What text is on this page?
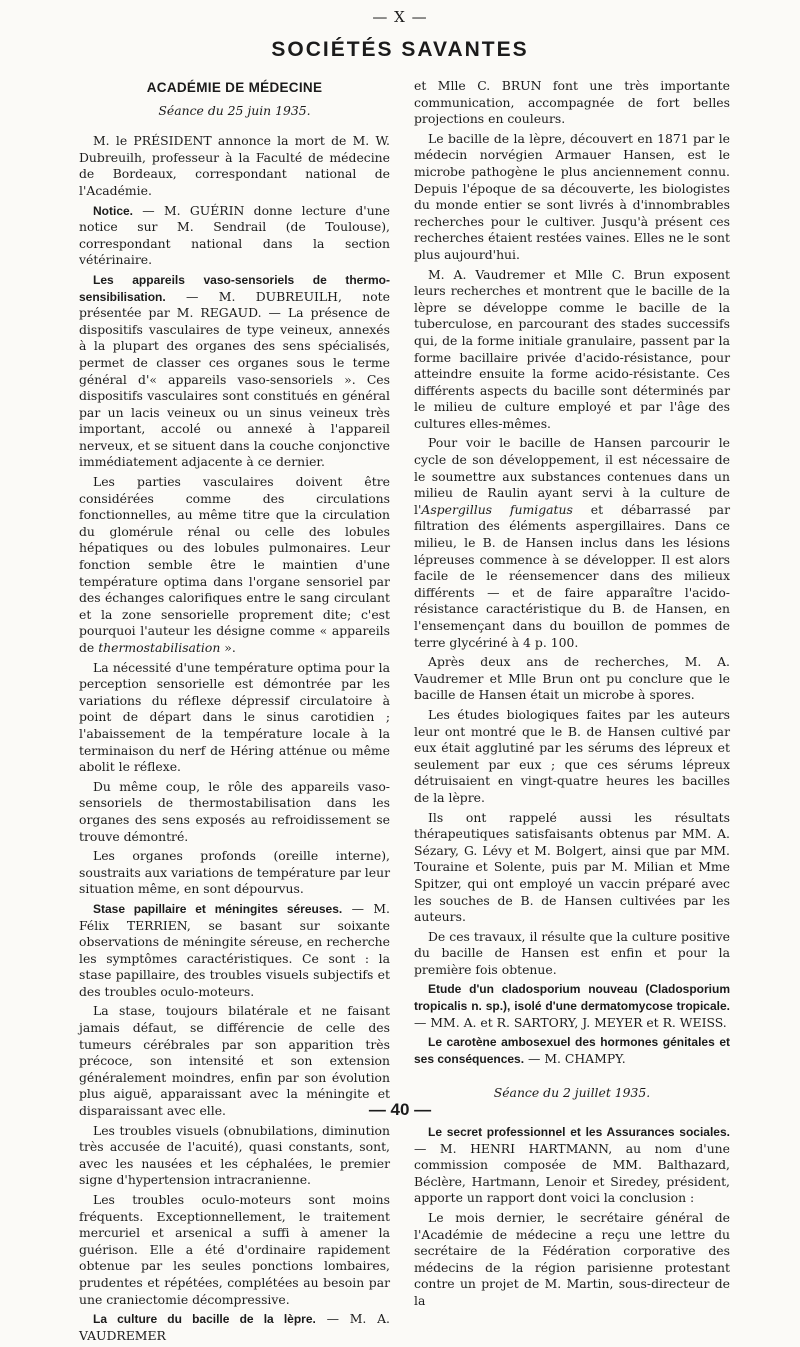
— X —
SOCIÉTÉS SAVANTES
ACADÉMIE DE MÉDECINE
Séance du 25 juin 1935.

M. le PRÉSIDENT annonce la mort de M. W. Dubreuilh, professeur à la Faculté de médecine de Bordeaux, correspondant national de l'Académie.

Notice. — M. GUÉRIN donne lecture d'une notice sur M. Sendrail (de Toulouse), correspondant national dans la section vétérinaire.

Les appareils vaso-sensoriels de thermo-sensibilisation. — M. DUBREUILH, note présentée par M. REGAUD. — La présence de dispositifs vasculaires de type veineux, annexés à la plupart des organes des sens spécialisés, permet de classer ces organes sous le terme général d'« appareils vaso-sensoriels ». Ces dispositifs vasculaires sont constitués en général par un lacis veineux ou un sinus veineux très important, accolé ou annexé à l'appareil nerveux, et se situent dans la couche conjonctive immédiatement adjacente à ce dernier.

Les parties vasculaires doivent être considérées comme des circulations fonctionnelles, au même titre que la circulation du glomérule rénal ou celle des lobules hépatiques ou des lobules pulmonaires. Leur fonction semble être le maintien d'une température optima dans l'organe sensoriel par des échanges calorifiques entre le sang circulant et la zone sensorielle proprement dite; c'est pourquoi l'auteur les désigne comme « appareils de thermostabilisation ».

La nécessité d'une température optima pour la perception sensorielle est démontrée par les variations du réflexe dépressif circulatoire à point de départ dans le sinus carotidien ; l'abaissement de la température locale à la terminaison du nerf de Héring atténue ou même abolit le réflexe.

Du même coup, le rôle des appareils vaso-sensoriels de thermostabilisation dans les organes des sens exposés au refroidissement se trouve démontré.

Les organes profonds (oreille interne), soustraits aux variations de température par leur situation même, en sont dépourvus.

Stase papillaire et méningites séreuses. — M. Félix TERRIEN, se basant sur soixante observations de méningite séreuse, en recherche les symptômes caractéristiques. Ce sont : la stase papillaire, des troubles visuels subjectifs et des troubles oculo-moteurs.

La stase, toujours bilatérale et ne faisant jamais défaut, se différencie de celle des tumeurs cérébrales par son apparition très précoce, son intensité et son extension généralement moindres, enfin par son évolution plus aiguë, apparaissant avec la méningite et disparaissant avec elle.

Les troubles visuels (obnubilations, diminution très accusée de l'acuité), quasi constants, sont, avec les nausées et les céphalées, le premier signe d'hypertension intracranienne.

Les troubles oculo-moteurs sont moins fréquents. Exceptionnellement, le traitement mercuriel et arsenical a suffi à amener la guérison. Elle a été d'ordinaire rapidement obtenue par les seules ponctions lombaires, prudentes et répétées, complétées au besoin par une craniectomie décompressive.

La culture du bacille de la lèpre. — M. A. VAUDREMER

et Mlle C. BRUN font une très importante communication, accompagnée de fort belles projections en couleurs.

Le bacille de la lèpre, découvert en 1871 par le médecin norvégien Armauer Hansen, est le microbe pathogène le plus anciennement connu. Depuis l'époque de sa découverte, les biologistes du monde entier se sont livrés à d'innombrables recherches pour le cultiver. Jusqu'à présent ces recherches étaient restées vaines. Elles ne le sont plus aujourd'hui.

M. A. Vaudremer et Mlle C. Brun exposent leurs recherches et montrent que le bacille de la lèpre se développe comme le bacille de la tuberculose, en parcourant des stades successifs qui, de la forme initiale granulaire, passent par la forme bacillaire privée d'acido-résistance, pour atteindre ensuite la forme acido-résistante. Ces différents aspects du bacille sont déterminés par le milieu de culture employé et par l'âge des cultures elles-mêmes.

Pour voir le bacille de Hansen parcourir le cycle de son développement, il est nécessaire de le soumettre aux substances contenues dans un milieu de Raulin ayant servi à la culture de l'Aspergillus fumigatus et débarrassé par filtration des éléments aspergillaires. Dans ce milieu, le B. de Hansen inclus dans les lésions lépreuses commence à se développer. Il est alors facile de le réensemencer dans des milieux différents — et de faire apparaître l'acido-résistance caractéristique du B. de Hansen, en l'ensemençant dans du bouillon de pommes de terre glycériné à 4 p. 100.

Après deux ans de recherches, M. A. Vaudremer et Mlle Brun ont pu conclure que le bacille de Hansen était un microbe à spores.

Les études biologiques faites par les auteurs leur ont montré que le B. de Hansen cultivé par eux était agglutiné par les sérums des lépreux et seulement par eux ; que ces sérums lépreux détruisaient en vingt-quatre heures les bacilles de la lèpre.

Ils ont rappelé aussi les résultats thérapeutiques satisfaisants obtenus par MM. A. Sézary, G. Lévy et M. Bolgert, ainsi que par MM. Touraine et Solente, puis par M. Milian et Mme Spitzer, qui ont employé un vaccin préparé avec les souches de B. de Hansen cultivées par les auteurs.

De ces travaux, il résulte que la culture positive du bacille de Hansen est enfin et pour la première fois obtenue.

Etude d'un cladosporium nouveau (Cladosporium tropicalis n. sp.), isolé d'une dermatomycose tropicale. — MM. A. et R. SARTORY, J. MEYER et R. WEISS.

Le carotène ambosexuel des hormones génitales et ses conséquences. — M. CHAMPY.

Séance du 2 juillet 1935.

Le secret professionnel et les Assurances sociales. — M. HENRI HARTMANN, au nom d'une commission composée de MM. Balthazard, Béclère, Hartmann, Lenoir et Siredey, président, apporte un rapport dont voici la conclusion :

Le mois dernier, le secrétaire général de l'Académie de médecine a reçu une lettre du secrétaire de la Fédération corporative des médecins de la région parisienne protestant contre un projet de M. Martin, sous-directeur de la

— 40 —
